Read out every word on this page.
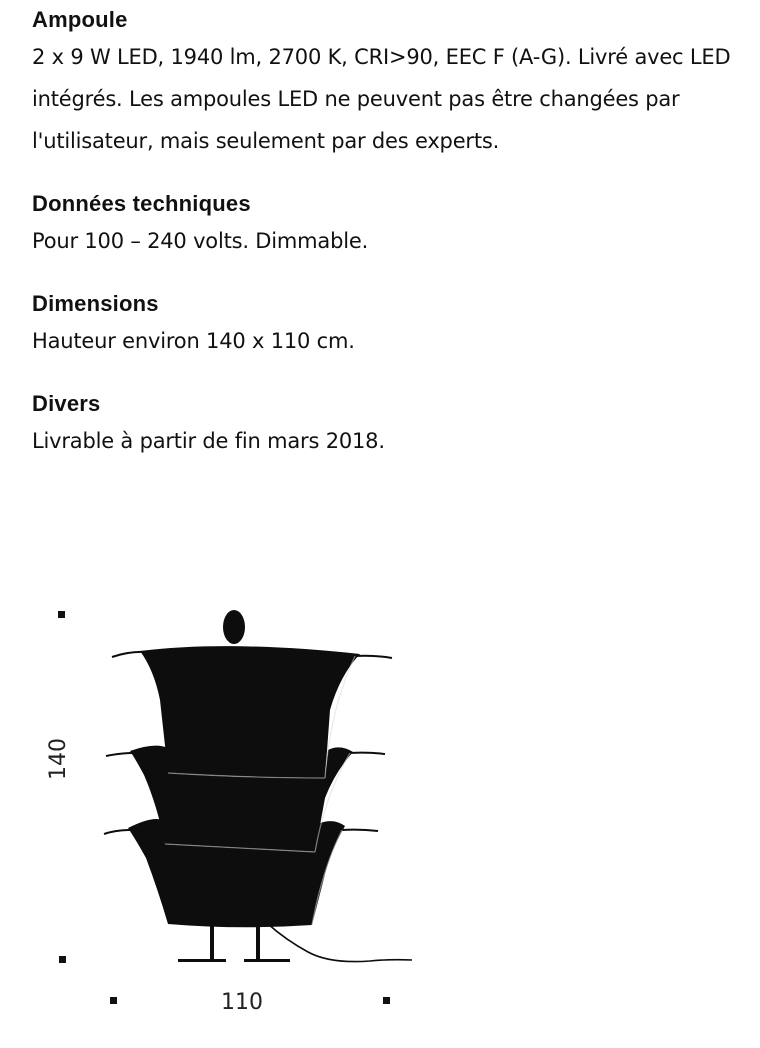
Ampoule

2 x 9 W LED, 1940 lm, 2700 K, CRI>90, EEC F (A-G). Livré avec LED intégrés. Les ampoules LED ne peuvent pas être changées par l'utilisateur, mais seulement par des experts.

Données techniques

Pour 100 – 240 volts. Dimmable.

Dimensions

Hauteur environ 140 x 110 cm.

Divers

Livrable à partir de fin mars 2018.

140
110
